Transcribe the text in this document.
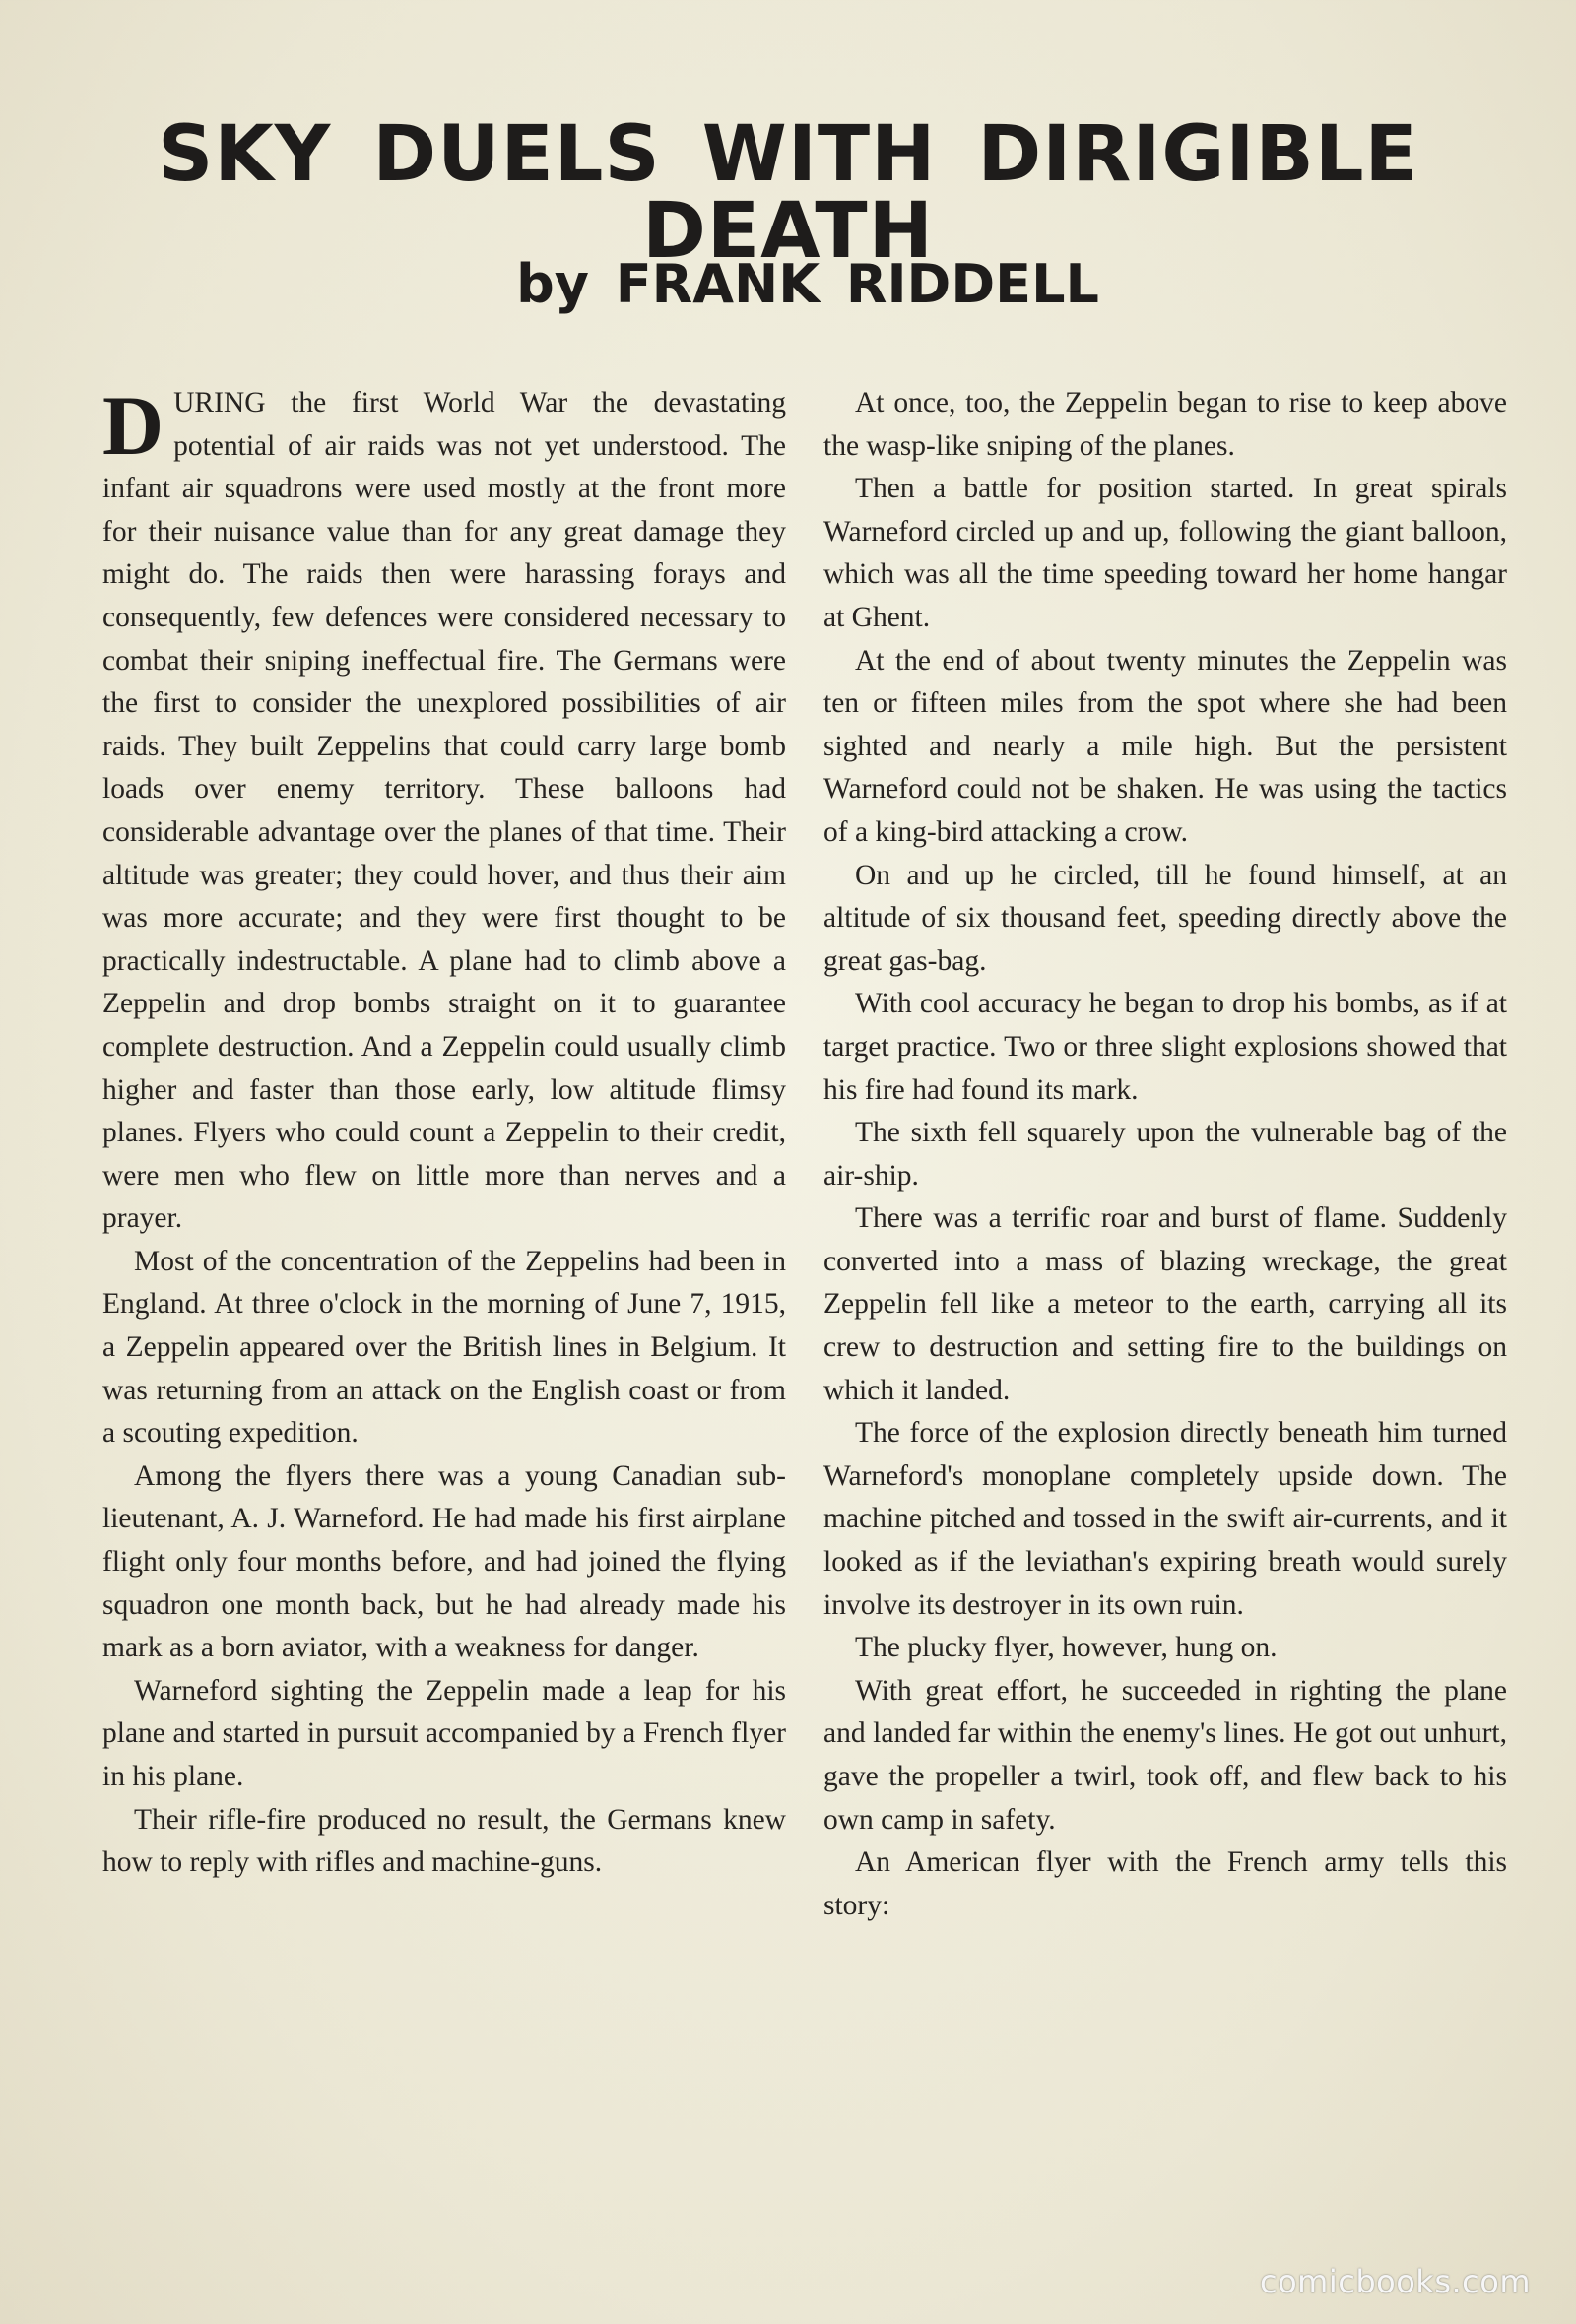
SKY DUELS WITH DIRIGIBLE DEATH
by FRANK RIDDELL

DURING the first World War the devastating potential of air raids was not yet understood. The infant air squadrons were used mostly at the front more for their nuisance value than for any great damage they might do. The raids then were harassing forays and consequently, few defences were considered necessary to combat their sniping ineffectual fire. The Germans were the first to consider the unexplored possibilities of air raids. They built Zeppelins that could carry large bomb loads over enemy territory. These balloons had considerable advantage over the planes of that time. Their altitude was greater; they could hover, and thus their aim was more accurate; and they were first thought to be practically indestructable. A plane had to climb above a Zeppelin and drop bombs straight on it to guarantee complete destruction. And a Zeppelin could usually climb higher and faster than those early, low altitude flimsy planes. Flyers who could count a Zeppelin to their credit, were men who flew on little more than nerves and a prayer.

Most of the concentration of the Zeppelins had been in England. At three o'clock in the morning of June 7, 1915, a Zeppelin appeared over the British lines in Belgium. It was returning from an attack on the English coast or from a scouting expedition.

Among the flyers there was a young Canadian sub-lieutenant, A. J. Warneford. He had made his first airplane flight only four months before, and had joined the flying squadron one month back, but he had already made his mark as a born aviator, with a weakness for danger.

Warneford sighting the Zeppelin made a leap for his plane and started in pursuit accompanied by a French flyer in his plane.

Their rifle-fire produced no result, the Germans knew how to reply with rifles and machine-guns.

At once, too, the Zeppelin began to rise to keep above the wasp-like sniping of the planes.

Then a battle for position started. In great spirals Warneford circled up and up, following the giant balloon, which was all the time speeding toward her home hangar at Ghent.

At the end of about twenty minutes the Zeppelin was ten or fifteen miles from the spot where she had been sighted and nearly a mile high. But the persistent Warneford could not be shaken. He was using the tactics of a king-bird attacking a crow.

On and up he circled, till he found himself, at an altitude of six thousand feet, speeding directly above the great gas-bag.

With cool accuracy he began to drop his bombs, as if at target practice. Two or three slight explosions showed that his fire had found its mark.

The sixth fell squarely upon the vulnerable bag of the air-ship.

There was a terrific roar and burst of flame. Suddenly converted into a mass of blazing wreckage, the great Zeppelin fell like a meteor to the earth, carrying all its crew to destruction and setting fire to the buildings on which it landed.

The force of the explosion directly beneath him turned Warneford's monoplane completely upside down. The machine pitched and tossed in the swift air-currents, and it looked as if the leviathan's expiring breath would surely involve its destroyer in its own ruin.

The plucky flyer, however, hung on.

With great effort, he succeeded in righting the plane and landed far within the enemy's lines. He got out unhurt, gave the propeller a twirl, took off, and flew back to his own camp in safety.

An American flyer with the French army tells this story:

comicbooks.com
